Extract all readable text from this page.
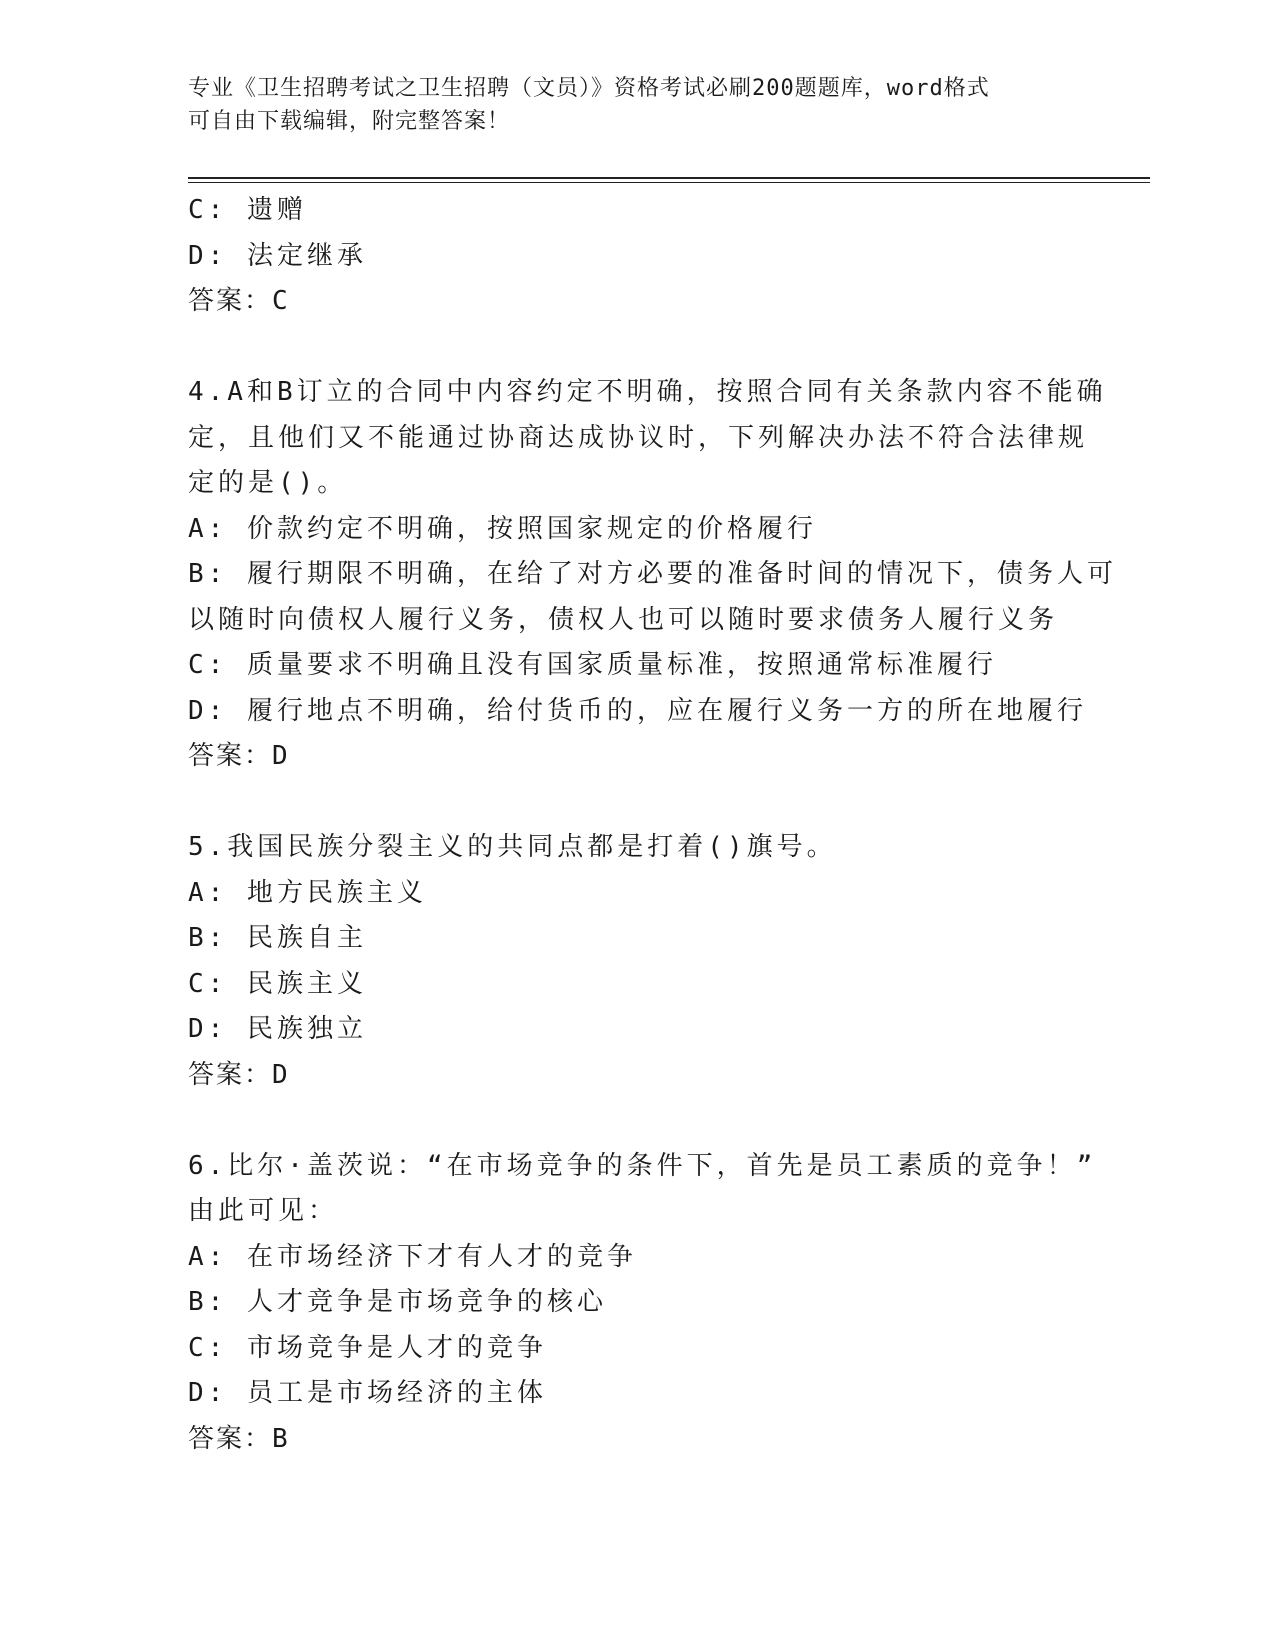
专业《卫生招聘考试之卫生招聘（文员）》资格考试必刷200题题库，word格式
可自由下载编辑，附完整答案！
C: 遗赠
D: 法定继承
答案：C
4.A和B订立的合同中内容约定不明确，按照合同有关条款内容不能确
定，且他们又不能通过协商达成协议时，下列解决办法不符合法律规
定的是()。
A: 价款约定不明确，按照国家规定的价格履行
B: 履行期限不明确，在给了对方必要的准备时间的情况下，债务人可
以随时向债权人履行义务，债权人也可以随时要求债务人履行义务
C: 质量要求不明确且没有国家质量标准，按照通常标准履行
D: 履行地点不明确，给付货币的，应在履行义务一方的所在地履行
答案：D
5.我国民族分裂主义的共同点都是打着()旗号。
A: 地方民族主义
B: 民族自主
C: 民族主义
D: 民族独立
答案：D
6.比尔·盖茨说：“在市场竞争的条件下，首先是员工素质的竞争！”
由此可见：
A: 在市场经济下才有人才的竞争
B: 人才竞争是市场竞争的核心
C: 市场竞争是人才的竞争
D: 员工是市场经济的主体
答案：B
